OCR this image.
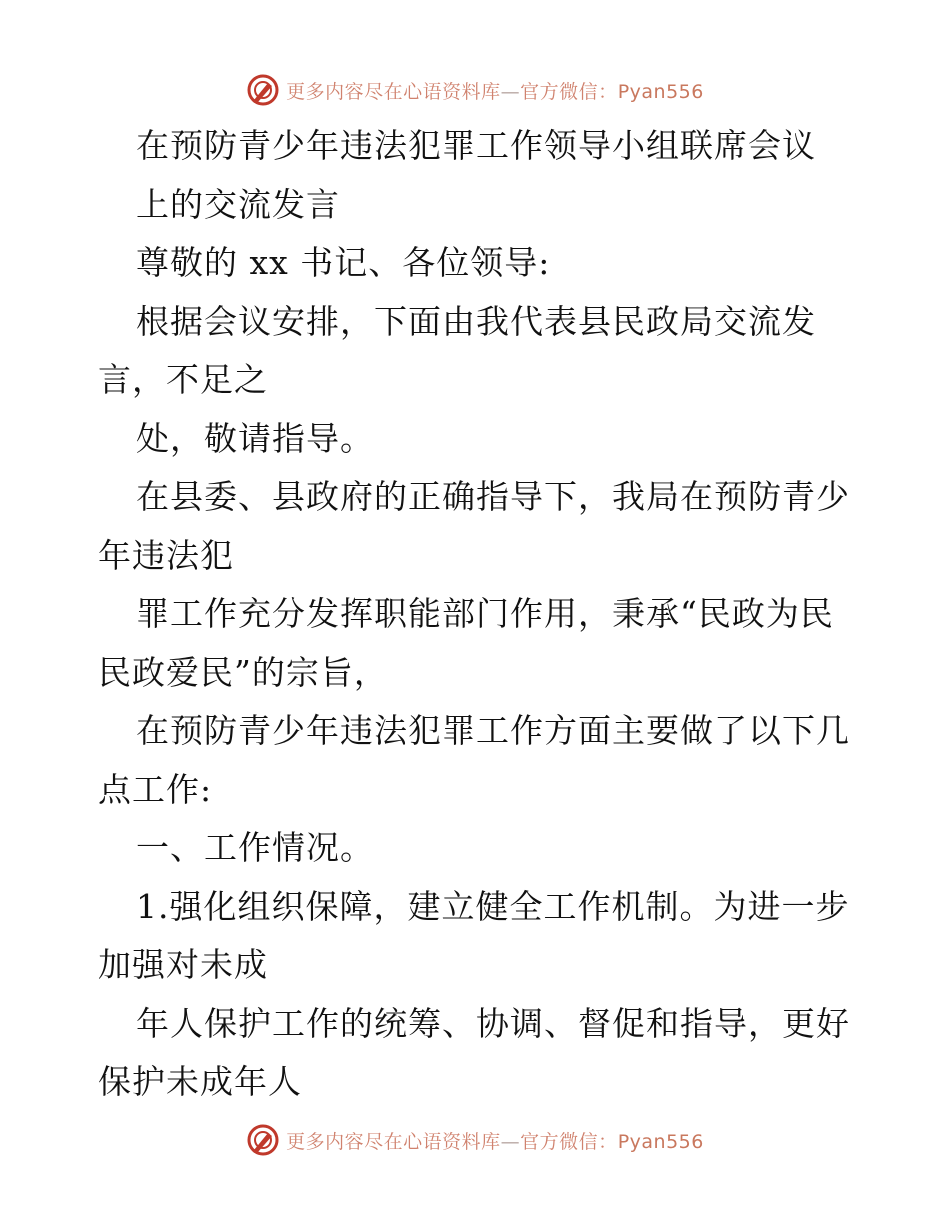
更多内容尽在心语资料库—官方微信：Pyan556
在预防青少年违法犯罪工作领导小组联席会议
上的交流发言
尊敬的 xx 书记、各位领导:
根据会议安排，下面由我代表县民政局交流发
言，不足之
处，敬请指导。
在县委、县政府的正确指导下，我局在预防青少
年违法犯
罪工作充分发挥职能部门作用，秉承“民政为民
民政爱民”的宗旨，
在预防青少年违法犯罪工作方面主要做了以下几
点工作:
一、工作情况。
1.强化组织保障，建立健全工作机制。为进一步
加强对未成
年人保护工作的统筹、协调、督促和指导，更好
保护未成年人
更多内容尽在心语资料库—官方微信：Pyan556
